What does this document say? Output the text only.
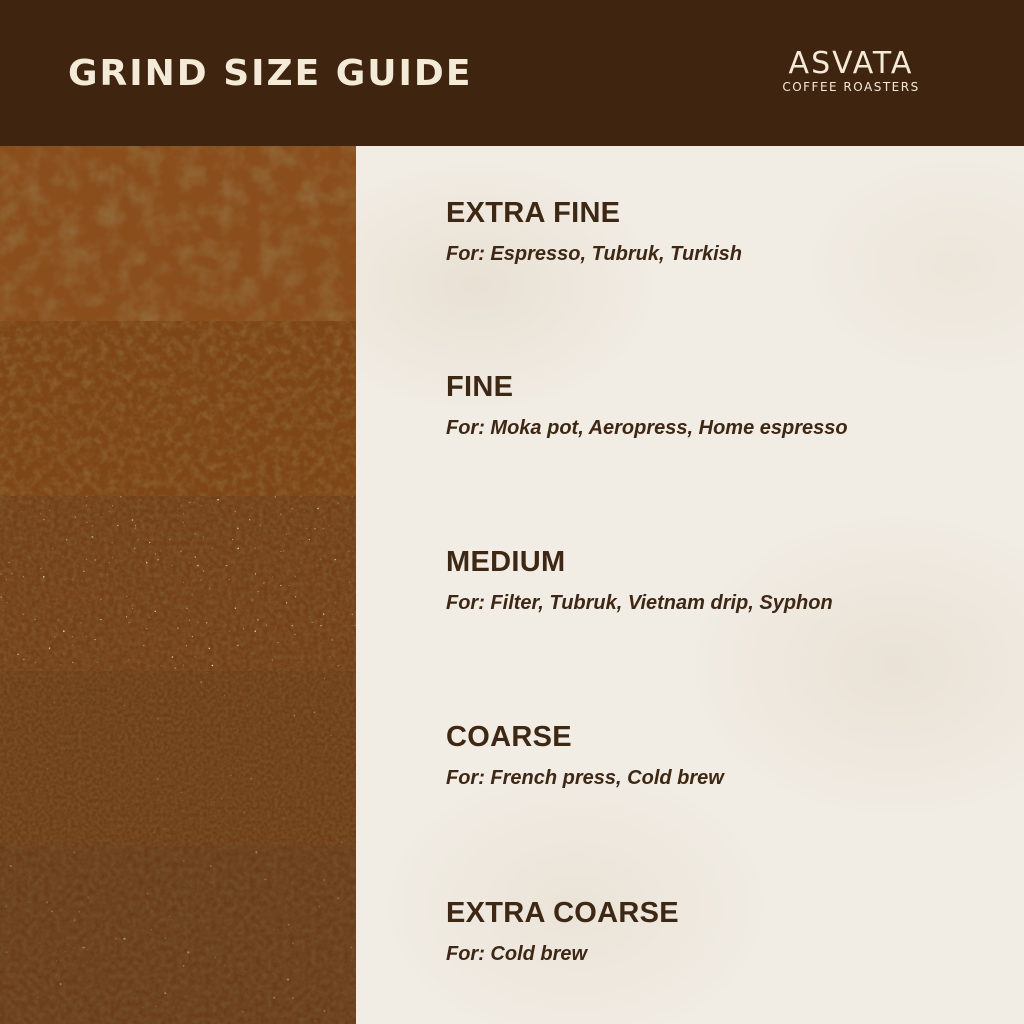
GRIND SIZE GUIDE	ASVATA
COFFEE ROASTERS
EXTRA FINE
For: Espresso, Tubruk, Turkish
FINE
For: Moka pot, Aeropress, Home espresso
MEDIUM
For: Filter, Tubruk, Vietnam drip, Syphon
COARSE
For: French press, Cold brew
EXTRA COARSE
For: Cold brew
